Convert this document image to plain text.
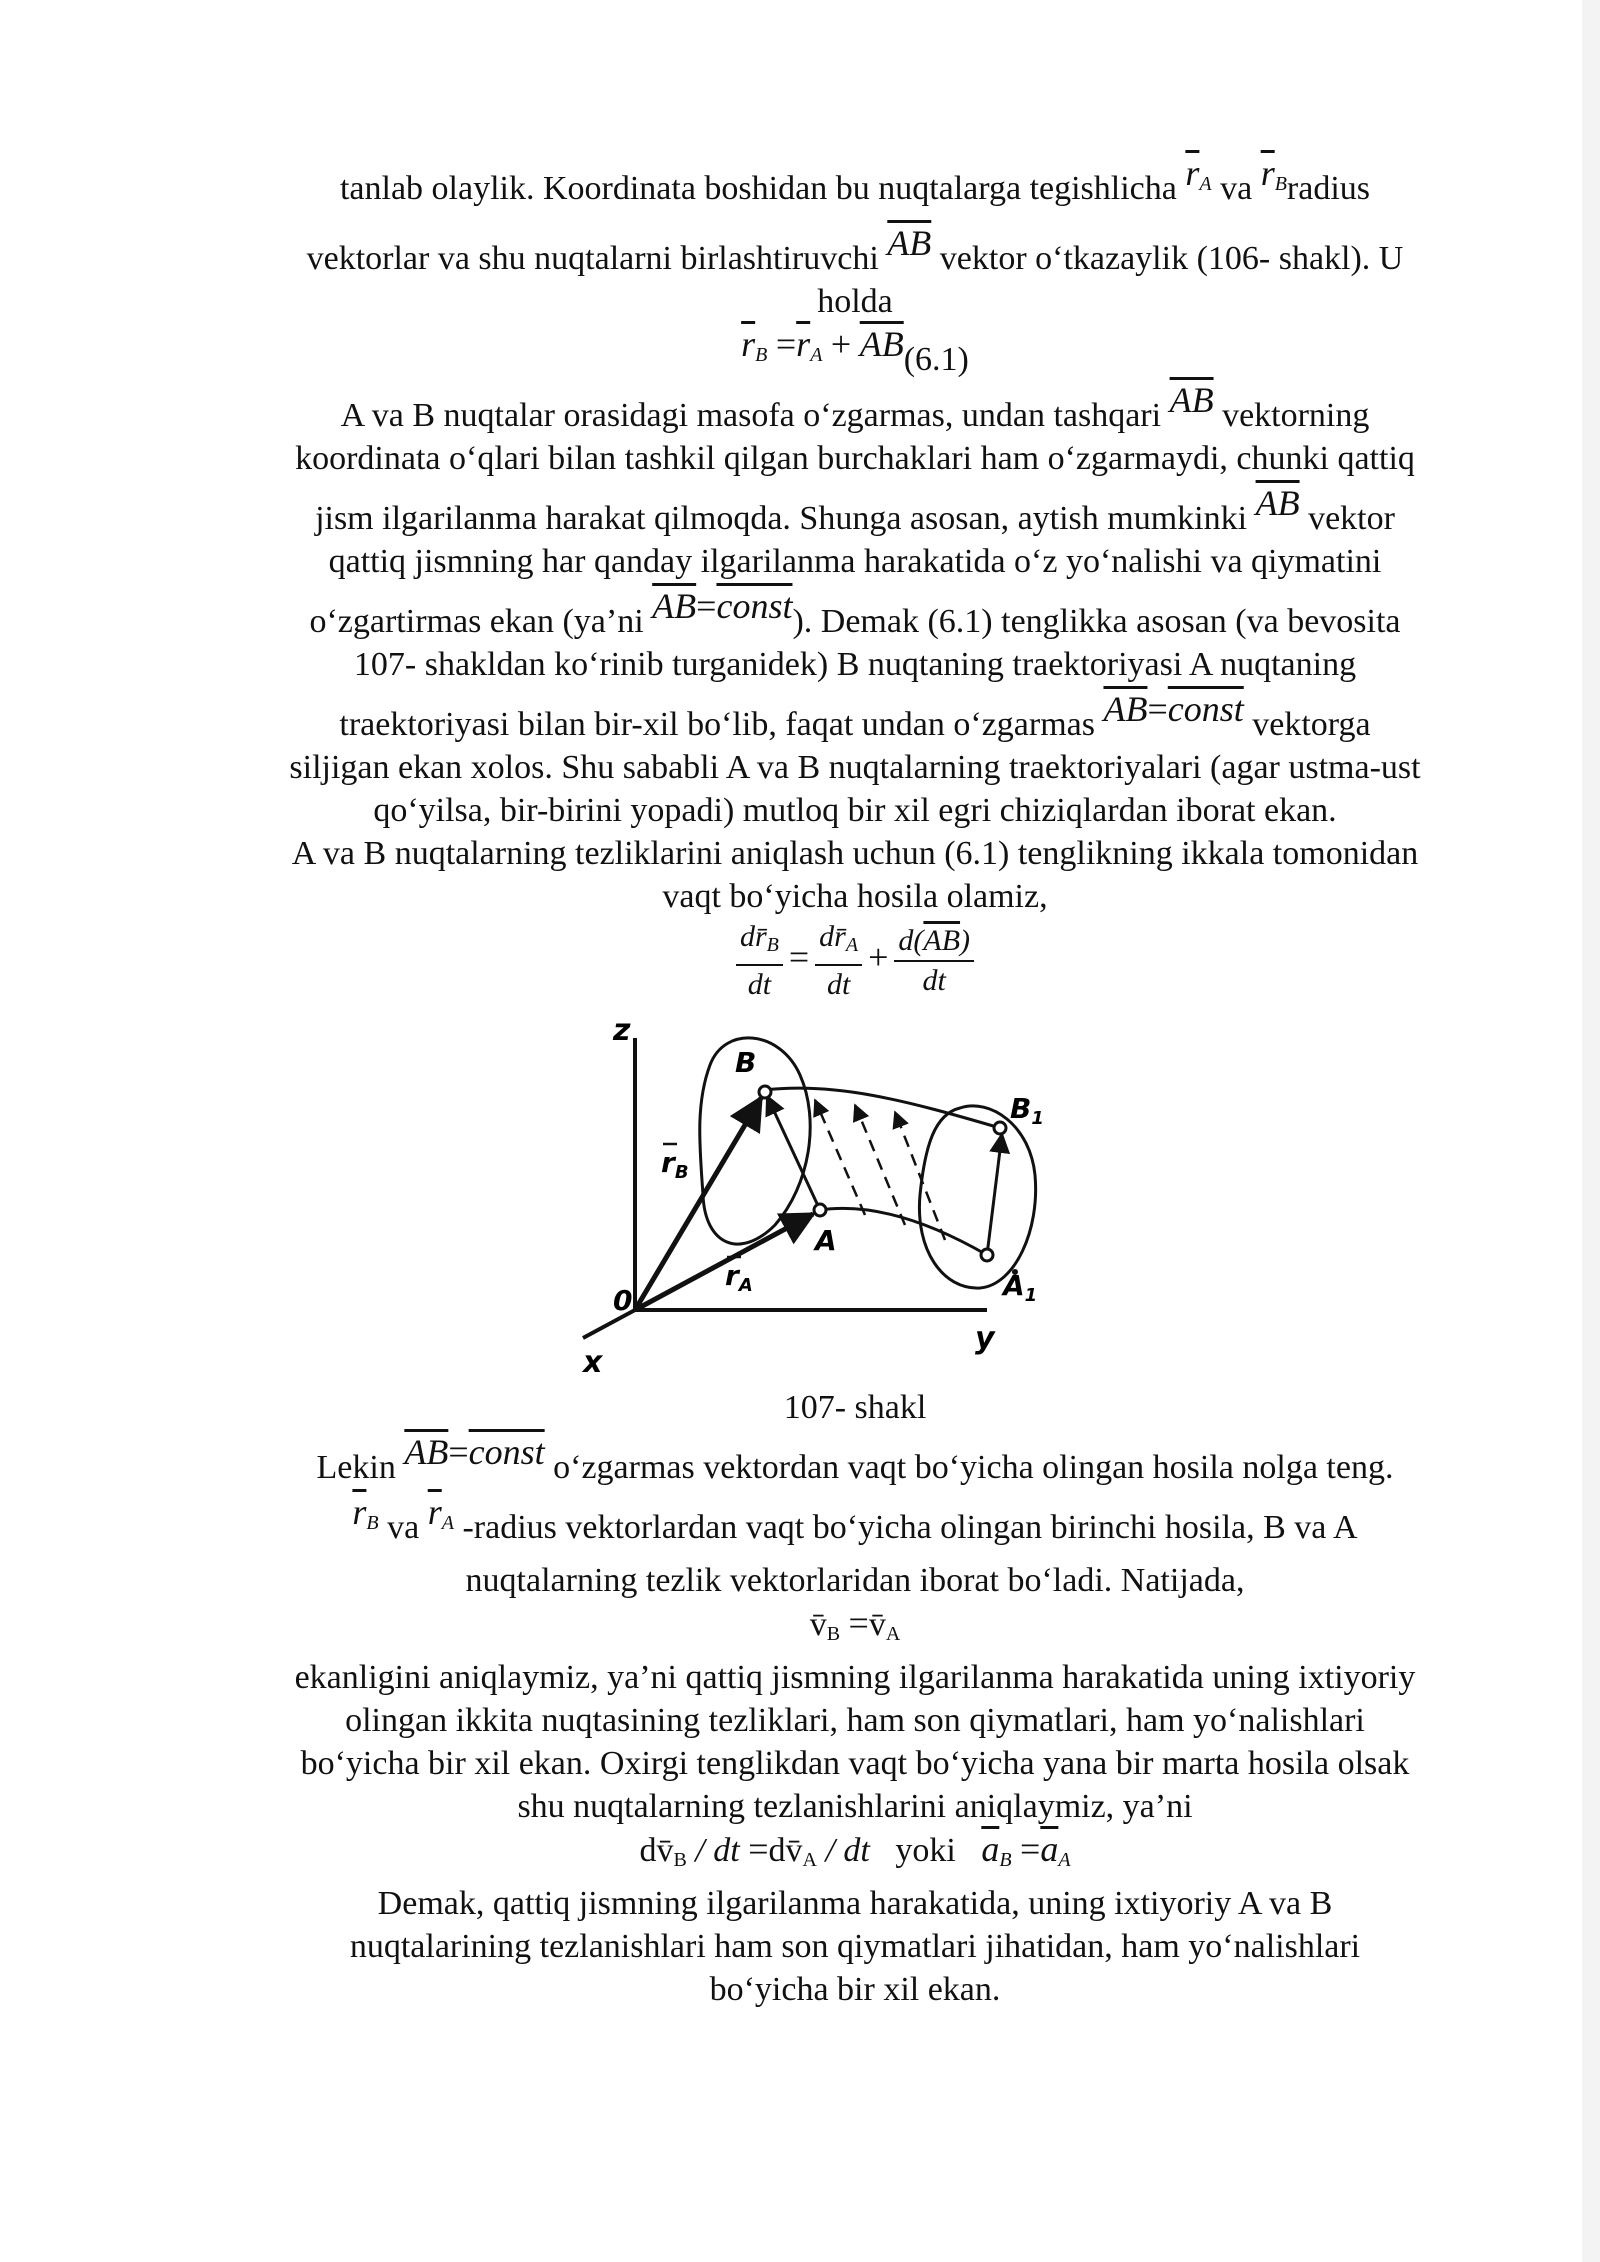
tanlab olaylik. Koordinata boshidan bu nuqtalarga tegishlicha $\overline{r}_A$ va $\overline{r}_Bradius$
vektorlar va shu nuqtalarni birlashtiruvchi $\overline{AB}$ vektor o‘tkazaylik (106- shakl). U
holda
$\overline{r}_B =\overline{r}_A + \overline{AB}(6.1)$
A va B nuqtalar orasidagi masofa o‘zgarmas, undan tashqari $\overline{AB}$ vektorning
koordinata o‘qlari bilan tashkil qilgan burchaklari ham o‘zgarmaydi, chunki qattiq
jism ilgarilanma harakat qilmoqda. Shunga asosan, aytish mumkinki $\overline{AB}$ vektor
qattiq jismning har qanday ilgarilanma harakatida o‘z yo‘nalishi va qiymatini
o‘zgartirmas ekan (ya’ni $\overline{AB}=const$). Demak (6.1) tenglikka asosan (va bevosita
107- shakldan ko‘rinib turganidek) B nuqtaning traektoriyasi A nuqtaning
traektoriyasi bilan bir-xil bo‘lib, faqat undan o‘zgarmas $\overline{AB}=const$ vektorga
siljigan ekan xolos. Shu sababli A va B nuqtalarning traektoriyalari (agar ustma-ust
qo‘yilsa, bir-birini yopadi) mutloq bir xil egri chiziqlardan iborat ekan.
A va B nuqtalarning tezliklarini aniqlash uchun (6.1) tenglikning ikkala tomonidan
vaqt bo‘yicha hosila olamiz,
$\frac{dr̄_B}{dt} = \frac{dr̄_A}{dt} + \frac{d(\overline{AB})}{dt}$
z
x
y
0
B
A
$B_1$
$A_1$
$r_B$
$r_A$
107- shakl
Lekin $\overline{AB}=const$ o‘zgarmas vektordan vaqt bo‘yicha olingan hosila nolga teng.
$\overline{r}_B$ va $\overline{r}_A$ -radius vektorlardan vaqt bo‘yicha olingan birinchi hosila, B va A
nuqtalarning tezlik vektorlaridan iborat bo‘ladi. Natijada,
$v̄_B$ $=v̄_A$
ekanligini aniqlaymiz, ya’ni qattiq jismning ilgarilanma harakatida uning ixtiyoriy
olingan ikkita nuqtasining tezliklari, ham son qiymatlari, ham yo‘nalishlari
bo‘yicha bir xil ekan. Oxirgi tenglikdan vaqt bo‘yicha yana bir marta hosila olsak
shu nuqtalarning tezlanishlarini aniqlaymiz, ya’ni
$dv̄_B$ / dt $=dv̄_A$ / dt   yoki $\overline{a}_B =\overline{a}_A$
Demak, qattiq jismning ilgarilanma harakatida, uning ixtiyoriy A va B
nuqtalarining tezlanishlari ham son qiymatlari jihatidan, ham yo‘nalishlari
bo‘yicha bir xil ekan.
